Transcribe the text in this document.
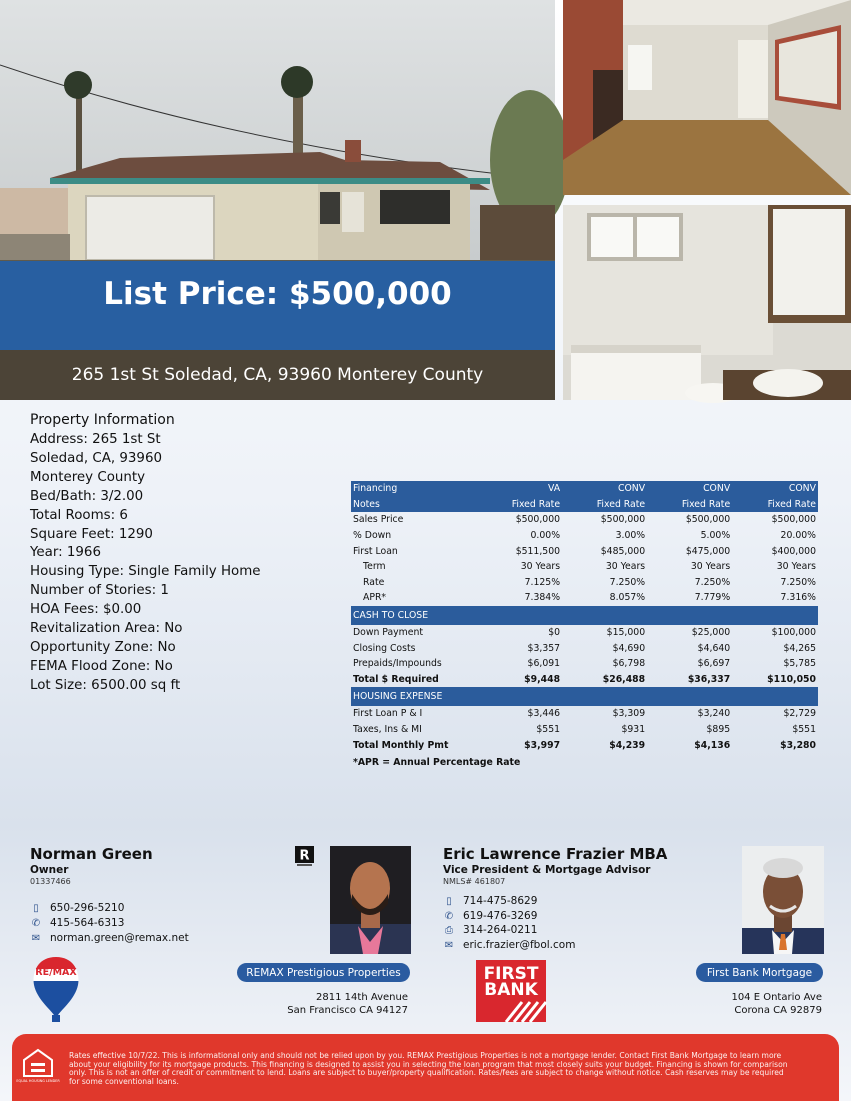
List Price: $500,000
265 1st St Soledad, CA, 93960 Monterey County
Property Information
Address: 265 1st St
Soledad, CA, 93960
Monterey County
Bed/Bath: 3/2.00
Total Rooms: 6
Square Feet: 1290
Year: 1966
Housing Type: Single Family Home
Number of Stories: 1
HOA Fees: $0.00
Revitalization Area: No
Opportunity Zone: No
FEMA Flood Zone: No
Lot Size: 6500.00 sq ft
Financing	VA	CONV	CONV	CONV
Notes	Fixed Rate	Fixed Rate	Fixed Rate	Fixed Rate
Sales Price	$500,000	$500,000	$500,000	$500,000
% Down	0.00%	3.00%	5.00%	20.00%
First Loan	$511,500	$485,000	$475,000	$400,000
Term	30 Years	30 Years	30 Years	30 Years
Rate	7.125%	7.250%	7.250%	7.250%
APR*	7.384%	8.057%	7.779%	7.316%
CASH TO CLOSE				
Down Payment	$0	$15,000	$25,000	$100,000
Closing Costs	$3,357	$4,690	$4,640	$4,265
Prepaids/Impounds	$6,091	$6,798	$6,697	$5,785
Total $ Required	$9,448	$26,488	$36,337	$110,050
HOUSING EXPENSE				
First Loan P & I	$3,446	$3,309	$3,240	$2,729
Taxes, Ins & MI	$551	$931	$895	$551
Total Monthly Pmt	$3,997	$4,239	$4,136	$3,280
*APR = Annual Percentage Rate
Norman Green
Owner
01337466
▯	650-296-5210
✆ 415-564-6313
✉ norman.green@remax.net
R
REMAX Prestigious Properties
2811 14th Avenue
San Francisco CA 94127
RE/MAX
Eric Lawrence Frazier MBA
Vice President & Mortgage Advisor
NMLS# 461807
▯	714-475-8629
✆ 619-476-3269
⎙ 314-264-0211
✉ eric.frazier@fbol.com
First Bank Mortgage
104 E Ontario Ave
Corona CA 92879
FIRST
BANK
EQUAL HOUSING LENDER
Rates effective 10/7/22. This is informational only and should not be relied upon by you. REMAX Prestigious Properties is not a mortgage lender. Contact First Bank Mortgage to learn more about your eligibility for its mortgage products. This financing is designed to assist you in selecting the loan program that most closely suits your budget. Financing is shown for comparison only. This is not an offer of credit or commitment to lend. Loans are subject to buyer/property qualification. Rates/fees are subject to change without notice. Cash reserves may be required for some conventional loans.
